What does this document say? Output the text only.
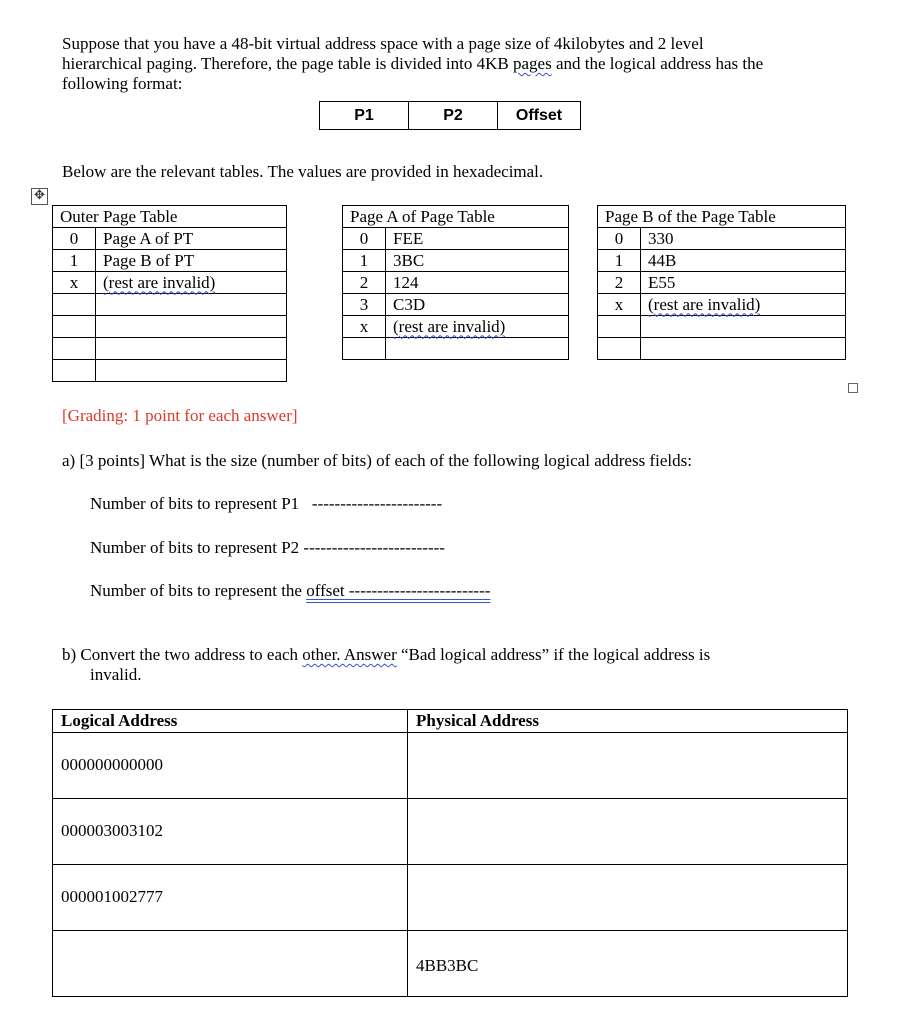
Suppose that you have a 48-bit virtual address space with a page size of 4kilobytes and 2 level
hierarchical paging. Therefore, the page table is divided into 4KB pages and the logical address has the
following format:
P1	P2	Offset
Below are the relevant tables. The values are provided in hexadecimal.
✥
Outer Page Table	
0	Page A of PT
1	Page B of PT
x	(rest are invalid)

Page A of Page Table	
0	FEE
1	3BC
2	124
3	C3D
x	(rest are invalid)

Page B of the Page Table	
0	330
1	44B
2	E55
x	(rest are invalid)

[Grading: 1 point for each answer]
a) [3 points] What is the size (number of bits) of each of the following logical address fields:
Number of bits to represent P1 -----------------------
Number of bits to represent P2 -------------------------
Number of bits to represent the offset -------------------------
b) Convert the two address to each other. Answer “Bad logical address” if the logical address is
invalid.
Logical Address	Physical Address
000000000000	
000003003102	
000001002777	
	4BB3BC
